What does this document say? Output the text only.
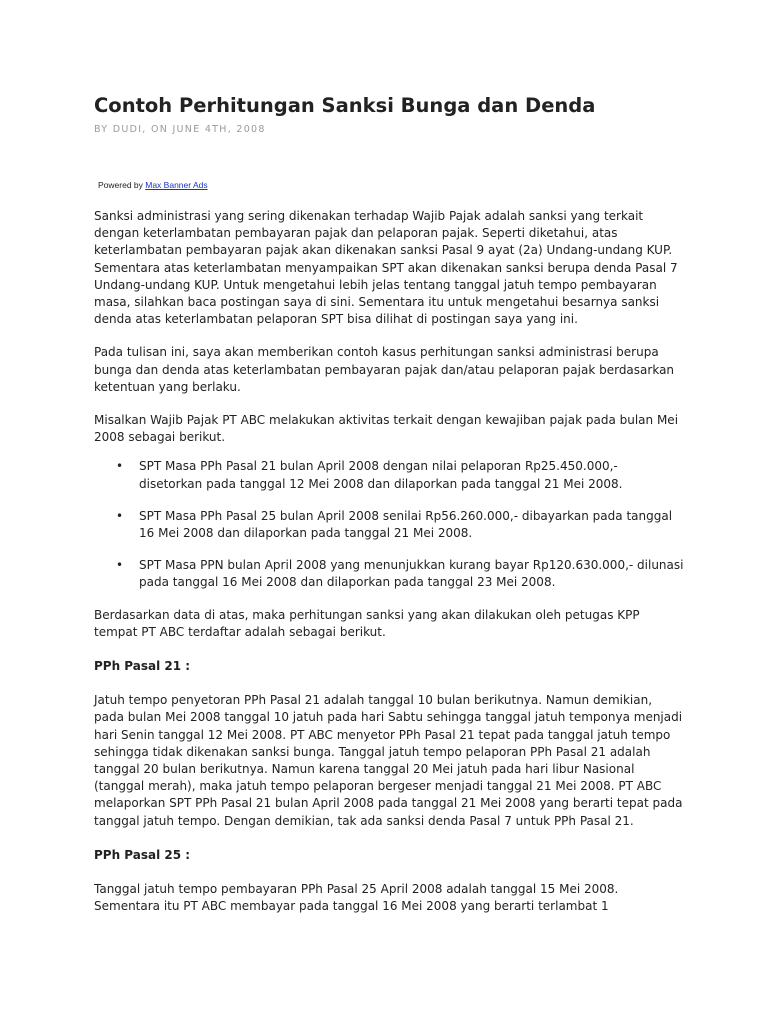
Contoh Perhitungan Sanksi Bunga dan Denda
BY DUDI, ON JUNE 4TH, 2008
Powered by Max Banner Ads

Sanksi administrasi yang sering dikenakan terhadap Wajib Pajak adalah sanksi yang terkait dengan keterlambatan pembayaran pajak dan pelaporan pajak. Seperti diketahui, atas keterlambatan pembayaran pajak akan dikenakan sanksi Pasal 9 ayat (2a) Undang-undang KUP. Sementara atas keterlambatan menyampaikan SPT akan dikenakan sanksi berupa denda Pasal 7 Undang-undang KUP. Untuk mengetahui lebih jelas tentang tanggal jatuh tempo pembayaran masa, silahkan baca postingan saya di sini. Sementara itu untuk mengetahui besarnya sanksi denda atas keterlambatan pelaporan SPT bisa dilihat di postingan saya yang ini.

Pada tulisan ini, saya akan memberikan contoh kasus perhitungan sanksi administrasi berupa bunga dan denda atas keterlambatan pembayaran pajak dan/atau pelaporan pajak berdasarkan ketentuan yang berlaku.

Misalkan Wajib Pajak PT ABC melakukan aktivitas terkait dengan kewajiban pajak pada bulan Mei 2008 sebagai berikut.

• SPT Masa PPh Pasal 21 bulan April 2008 dengan nilai pelaporan Rp25.450.000,- disetorkan pada tanggal 12 Mei 2008 dan dilaporkan pada tanggal 21 Mei 2008.
• SPT Masa PPh Pasal 25 bulan April 2008 senilai Rp56.260.000,- dibayarkan pada tanggal 16 Mei 2008 dan dilaporkan pada tanggal 21 Mei 2008.
• SPT Masa PPN bulan April 2008 yang menunjukkan kurang bayar Rp120.630.000,- dilunasi pada tanggal 16 Mei 2008 dan dilaporkan pada tanggal 23 Mei 2008.

Berdasarkan data di atas, maka perhitungan sanksi yang akan dilakukan oleh petugas KPP tempat PT ABC terdaftar adalah sebagai berikut.

PPh Pasal 21 :

Jatuh tempo penyetoran PPh Pasal 21 adalah tanggal 10 bulan berikutnya. Namun demikian, pada bulan Mei 2008 tanggal 10 jatuh pada hari Sabtu sehingga tanggal jatuh temponya menjadi hari Senin tanggal 12 Mei 2008. PT ABC menyetor PPh Pasal 21 tepat pada tanggal jatuh tempo sehingga tidak dikenakan sanksi bunga. Tanggal jatuh tempo pelaporan PPh Pasal 21 adalah tanggal 20 bulan berikutnya. Namun karena tanggal 20 Mei jatuh pada hari libur Nasional (tanggal merah), maka jatuh tempo pelaporan bergeser menjadi tanggal 21 Mei 2008. PT ABC melaporkan SPT PPh Pasal 21 bulan April 2008 pada tanggal 21 Mei 2008 yang berarti tepat pada tanggal jatuh tempo. Dengan demikian, tak ada sanksi denda Pasal 7 untuk PPh Pasal 21.

PPh Pasal 25 :

Tanggal jatuh tempo pembayaran PPh Pasal 25 April 2008 adalah tanggal 15 Mei 2008. Sementara itu PT ABC membayar pada tanggal 16 Mei 2008 yang berarti terlambat 1
